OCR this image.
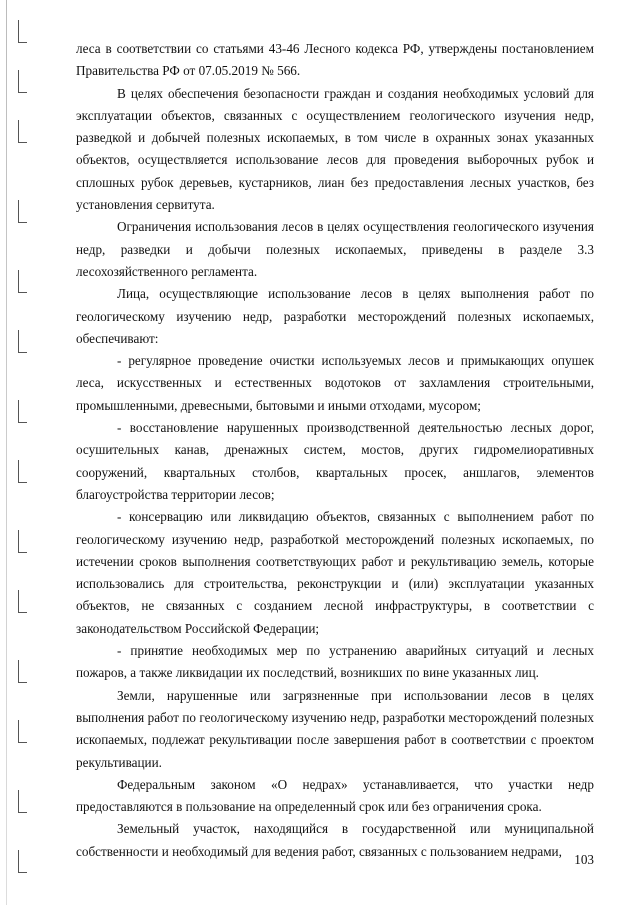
леса в соответствии со статьями 43-46 Лесного кодекса РФ, утверждены постановлением Правительства РФ от 07.05.2019 № 566.

В целях обеспечения безопасности граждан и создания необходимых условий для эксплуатации объектов, связанных с осуществлением геологического изучения недр, разведкой и добычей полезных ископаемых, в том числе в охранных зонах указанных объектов, осуществляется использование лесов для проведения выборочных рубок и сплошных рубок деревьев, кустарников, лиан без предоставления лесных участков, без установления сервитута.

Ограничения использования лесов в целях осуществления геологического изучения недр, разведки и добычи полезных ископаемых, приведены в разделе 3.3 лесохозяйственного регламента.

Лица, осуществляющие использование лесов в целях выполнения работ по геологическому изучению недр, разработки месторождений полезных ископаемых, обеспечивают:

- регулярное проведение очистки используемых лесов и примыкающих опушек леса, искусственных и естественных водотоков от захламления строительными, промышленными, древесными, бытовыми и иными отходами, мусором;

- восстановление нарушенных производственной деятельностью лесных дорог, осушительных канав, дренажных систем, мостов, других гидромелиоративных сооружений, квартальных столбов, квартальных просек, аншлагов, элементов благоустройства территории лесов;

- консервацию или ликвидацию объектов, связанных с выполнением работ по геологическому изучению недр, разработкой месторождений полезных ископаемых, по истечении сроков выполнения соответствующих работ и рекультивацию земель, которые использовались для строительства, реконструкции и (или) эксплуатации указанных объектов, не связанных с созданием лесной инфраструктуры, в соответствии с законодательством Российской Федерации;

- принятие необходимых мер по устранению аварийных ситуаций и лесных пожаров, а также ликвидации их последствий, возникших по вине указанных лиц.

Земли, нарушенные или загрязненные при использовании лесов в целях выполнения работ по геологическому изучению недр, разработки месторождений полезных ископаемых, подлежат рекультивации после завершения работ в соответствии с проектом рекультивации.

Федеральным законом «О недрах» устанавливается, что участки недр предоставляются в пользование на определенный срок или без ограничения срока.

Земельный участок, находящийся в государственной или муниципальной собственности и необходимый для ведения работ, связанных с пользованием недрами,

103
